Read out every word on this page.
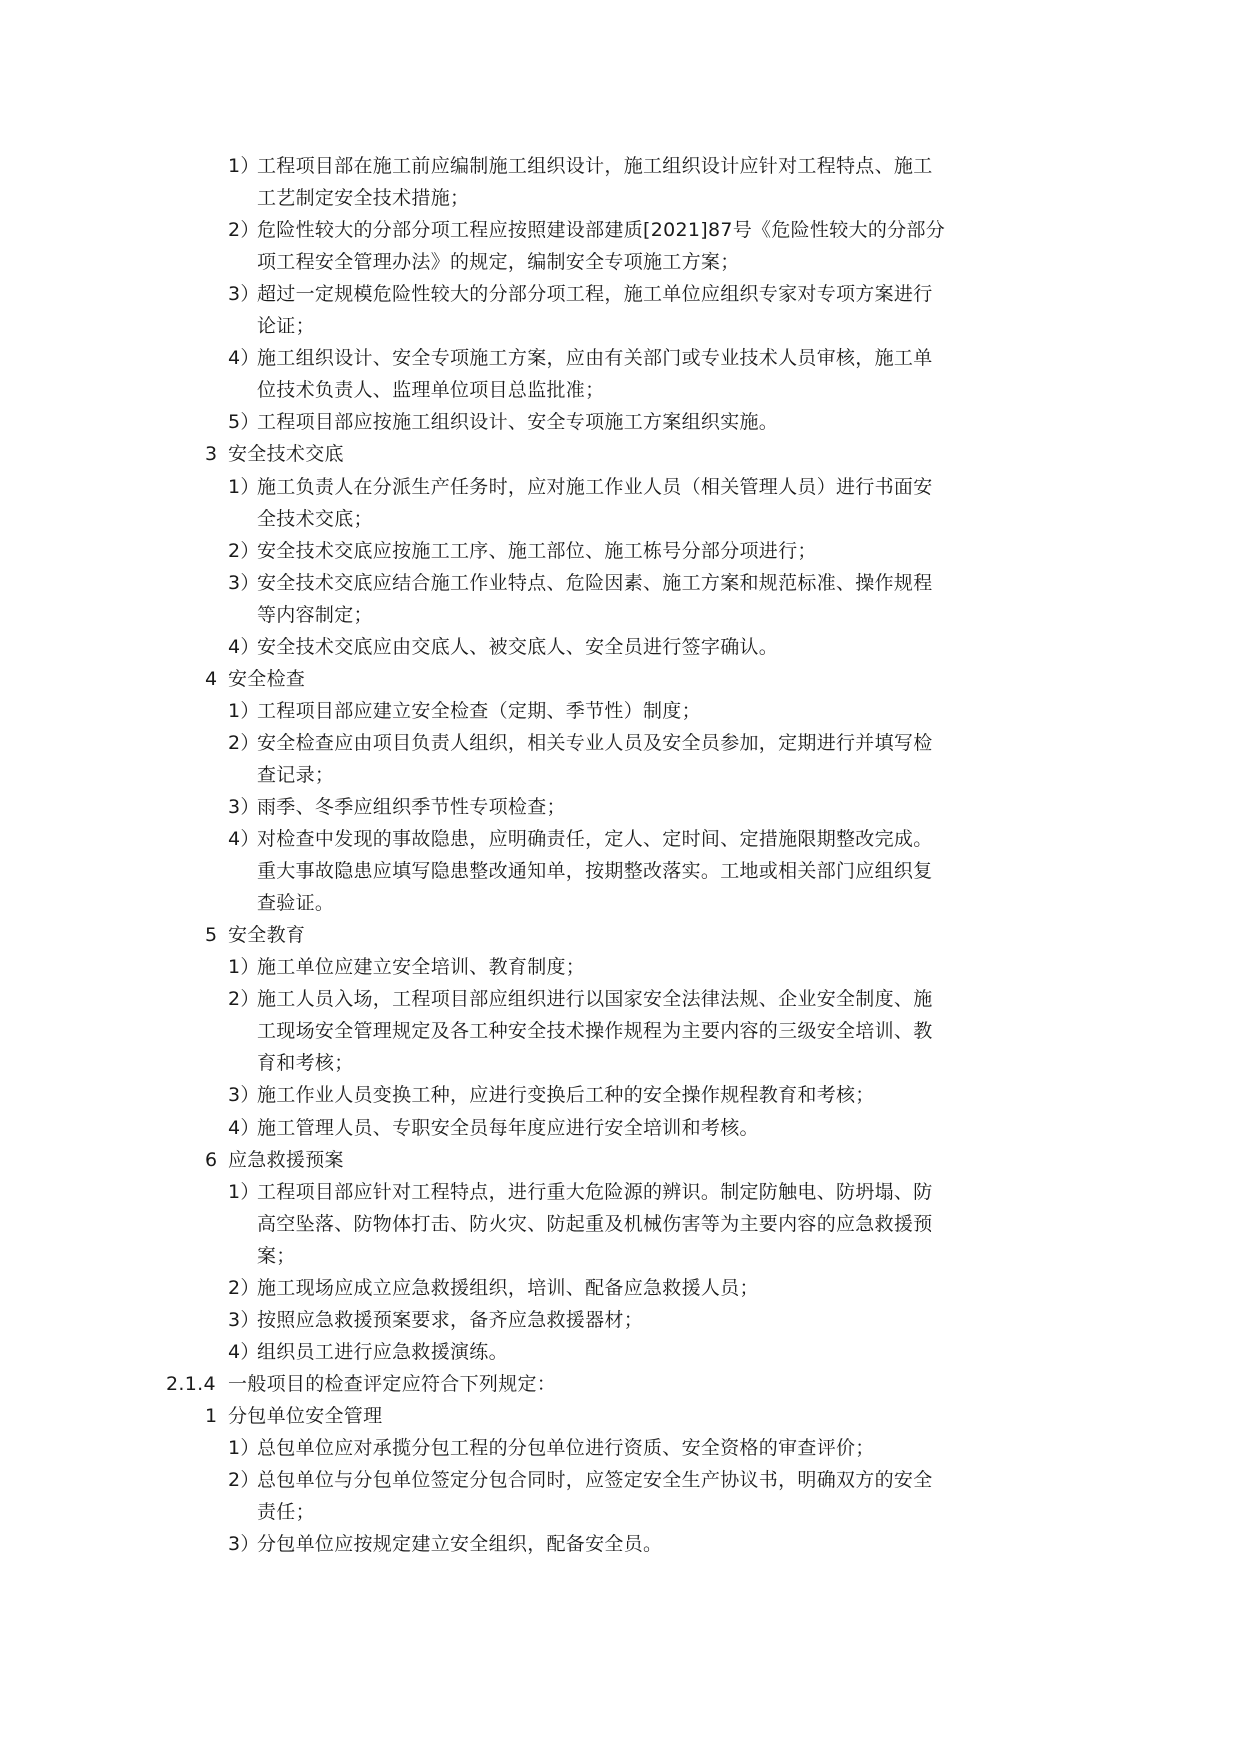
1）
工程项目部在施工前应编制施工组织设计，施工组织设计应针对工程特点、施工
工艺制定安全技术措施；
2）
危险性较大的分部分项工程应按照建设部建质[2021]87号《危险性较大的分部分
项工程安全管理办法》的规定，编制安全专项施工方案；
3）
超过一定规模危险性较大的分部分项工程，施工单位应组织专家对专项方案进行
论证；
4）
施工组织设计、安全专项施工方案，应由有关部门或专业技术人员审核，施工单
位技术负责人、监理单位项目总监批准；
5）
工程项目部应按施工组织设计、安全专项施工方案组织实施。
3 安全技术交底
1）
施工负责人在分派生产任务时，应对施工作业人员（相关管理人员）进行书面安
全技术交底；
2）
安全技术交底应按施工工序、施工部位、施工栋号分部分项进行；
3）
安全技术交底应结合施工作业特点、危险因素、施工方案和规范标准、操作规程
等内容制定；
4）
安全技术交底应由交底人、被交底人、安全员进行签字确认。
4 安全检查
1）
工程项目部应建立安全检查（定期、季节性）制度；
2）
安全检查应由项目负责人组织，相关专业人员及安全员参加，定期进行并填写检
查记录；
3）
雨季、冬季应组织季节性专项检查；
4）
对检查中发现的事故隐患，应明确责任，定人、定时间、定措施限期整改完成。
重大事故隐患应填写隐患整改通知单，按期整改落实。工地或相关部门应组织复
查验证。
5 安全教育
1）
施工单位应建立安全培训、教育制度；
2）
施工人员入场，工程项目部应组织进行以国家安全法律法规、企业安全制度、施
工现场安全管理规定及各工种安全技术操作规程为主要内容的三级安全培训、教
育和考核；
3）
施工作业人员变换工种，应进行变换后工种的安全操作规程教育和考核；
4）
施工管理人员、专职安全员每年度应进行安全培训和考核。
6 应急救援预案
1）
工程项目部应针对工程特点，进行重大危险源的辨识。制定防触电、防坍塌、防
高空坠落、防物体打击、防火灾、防起重及机械伤害等为主要内容的应急救援预
案；
2）
施工现场应成立应急救援组织，培训、配备应急救援人员；
3）
按照应急救援预案要求，备齐应急救援器材；
4）
组织员工进行应急救援演练。
2.1.4 一般项目的检查评定应符合下列规定：
1 分包单位安全管理
1）
总包单位应对承揽分包工程的分包单位进行资质、安全资格的审查评价；
2）
总包单位与分包单位签定分包合同时，应签定安全生产协议书，明确双方的安全
责任；
3）
分包单位应按规定建立安全组织，配备安全员。
